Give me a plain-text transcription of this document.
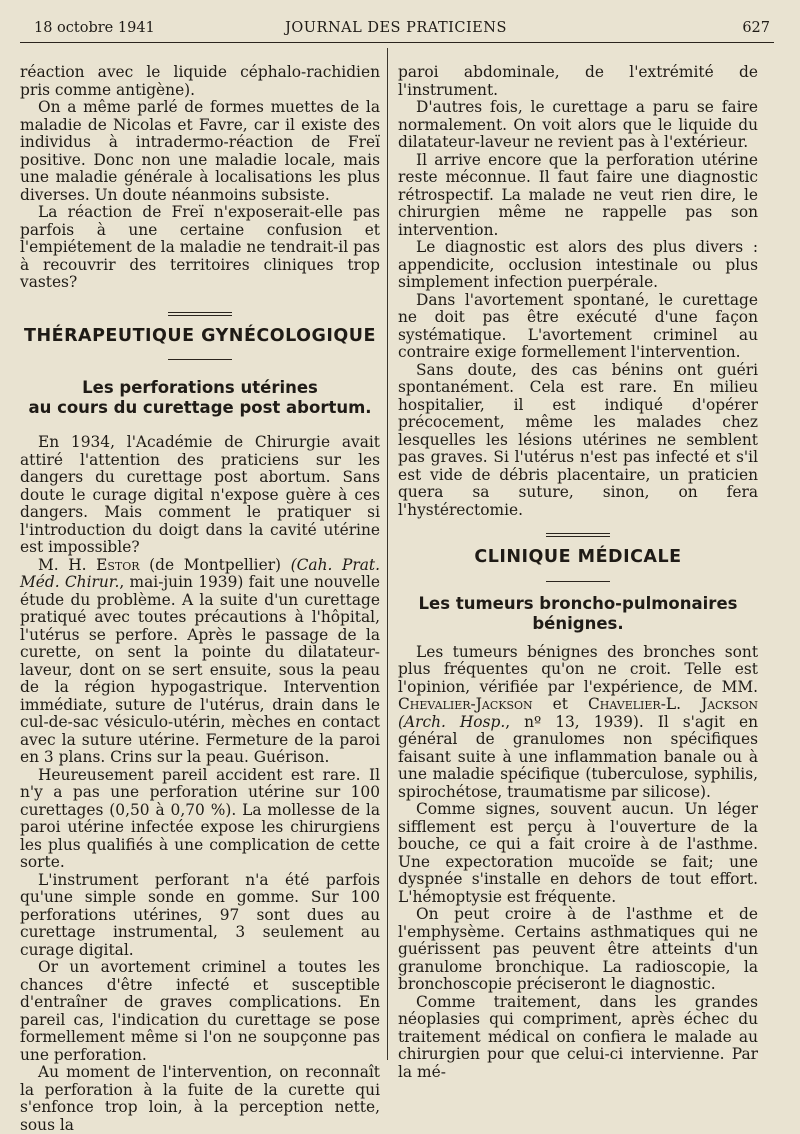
18 octobre 1941	JOURNAL DES PRATICIENS	627

réaction avec le liquide céphalo-rachidien pris comme antigène).

On a même parlé de formes muettes de la maladie de Nicolas et Favre, car il existe des individus à intradermo-réaction de Freï positive. Donc non une maladie locale, mais une maladie générale à localisations les plus diverses. Un doute néanmoins subsiste.

La réaction de Freï n'exposerait-elle pas parfois à une certaine confusion et l'empiétement de la maladie ne tendrait-il pas à recouvrir des territoires cliniques trop vastes?

THÉRAPEUTIQUE GYNÉCOLOGIQUE
Les perforations utérines
au cours du curettage post abortum.

En 1934, l'Académie de Chirurgie avait attiré l'attention des praticiens sur les dangers du curettage post abortum. Sans doute le curage digital n'expose guère à ces dangers. Mais comment le pratiquer si l'introduction du doigt dans la cavité utérine est impossible?

M. H. Estor (de Montpellier) (Cah. Prat. Méd. Chirur., mai-juin 1939) fait une nouvelle étude du problème. A la suite d'un curettage pratiqué avec toutes précautions à l'hôpital, l'utérus se perfore. Après le passage de la curette, on sent la pointe du dilatateur-laveur, dont on se sert ensuite, sous la peau de la région hypogastrique. Intervention immédiate, suture de l'utérus, drain dans le cul-de-sac vésiculo-utérin, mèches en contact avec la suture utérine. Fermeture de la paroi en 3 plans. Crins sur la peau. Guérison.

Heureusement pareil accident est rare. Il n'y a pas une perforation utérine sur 100 curettages (0,50 à 0,70 %). La mollesse de la paroi utérine infectée expose les chirurgiens les plus qualifiés à une complication de cette sorte.

L'instrument perforant n'a été parfois qu'une simple sonde en gomme. Sur 100 perforations utérines, 97 sont dues au curettage instrumental, 3 seulement au curage digital.

Or un avortement criminel a toutes les chances d'être infecté et susceptible d'entraîner de graves complications. En pareil cas, l'indication du curettage se pose formellement même si l'on ne soupçonne pas une perforation.

Au moment de l'intervention, on reconnaît la perforation à la fuite de la curette qui s'enfonce trop loin, à la perception nette, sous la

paroi abdominale, de l'extrémité de l'instrument.

D'autres fois, le curettage a paru se faire normalement. On voit alors que le liquide du dilatateur-laveur ne revient pas à l'extérieur.

Il arrive encore que la perforation utérine reste méconnue. Il faut faire une diagnostic rétrospectif. La malade ne veut rien dire, le chirurgien même ne rappelle pas son intervention.

Le diagnostic est alors des plus divers : appendicite, occlusion intestinale ou plus simplement infection puerpérale.

Dans l'avortement spontané, le curettage ne doit pas être exécuté d'une façon systématique. L'avortement criminel au contraire exige formellement l'intervention.

Sans doute, des cas bénins ont guéri spontanément. Cela est rare. En milieu hospitalier, il est indiqué d'opérer précocement, même les malades chez lesquelles les lésions utérines ne semblent pas graves. Si l'utérus n'est pas infecté et s'il est vide de débris placentaire, un praticien quera sa suture, sinon, on fera l'hystérectomie.

CLINIQUE MÉDICALE
Les tumeurs broncho-pulmonaires
bénignes.

Les tumeurs bénignes des bronches sont plus fréquentes qu'on ne croit. Telle est l'opinion, vérifiée par l'expérience, de MM. Chevalier-Jackson et Chavelier-L. Jackson (Arch. Hosp., nº 13, 1939). Il s'agit en général de granulomes non spécifiques faisant suite à une inflammation banale ou à une maladie spécifique (tuberculose, syphilis, spirochétose, traumatisme par silicose).

Comme signes, souvent aucun. Un léger sifflement est perçu à l'ouverture de la bouche, ce qui a fait croire à de l'asthme. Une expectoration mucoïde se fait; une dyspnée s'installe en dehors de tout effort. L'hémoptysie est fréquente.

On peut croire à de l'asthme et de l'emphysème. Certains asthmatiques qui ne guérissent pas peuvent être atteints d'un granulome bronchique. La radioscopie, la bronchoscopie préciseront le diagnostic.

Comme traitement, dans les grandes néoplasies qui compriment, après échec du traitement médical on confiera le malade au chirurgien pour que celui-ci intervienne. Par la mé-
